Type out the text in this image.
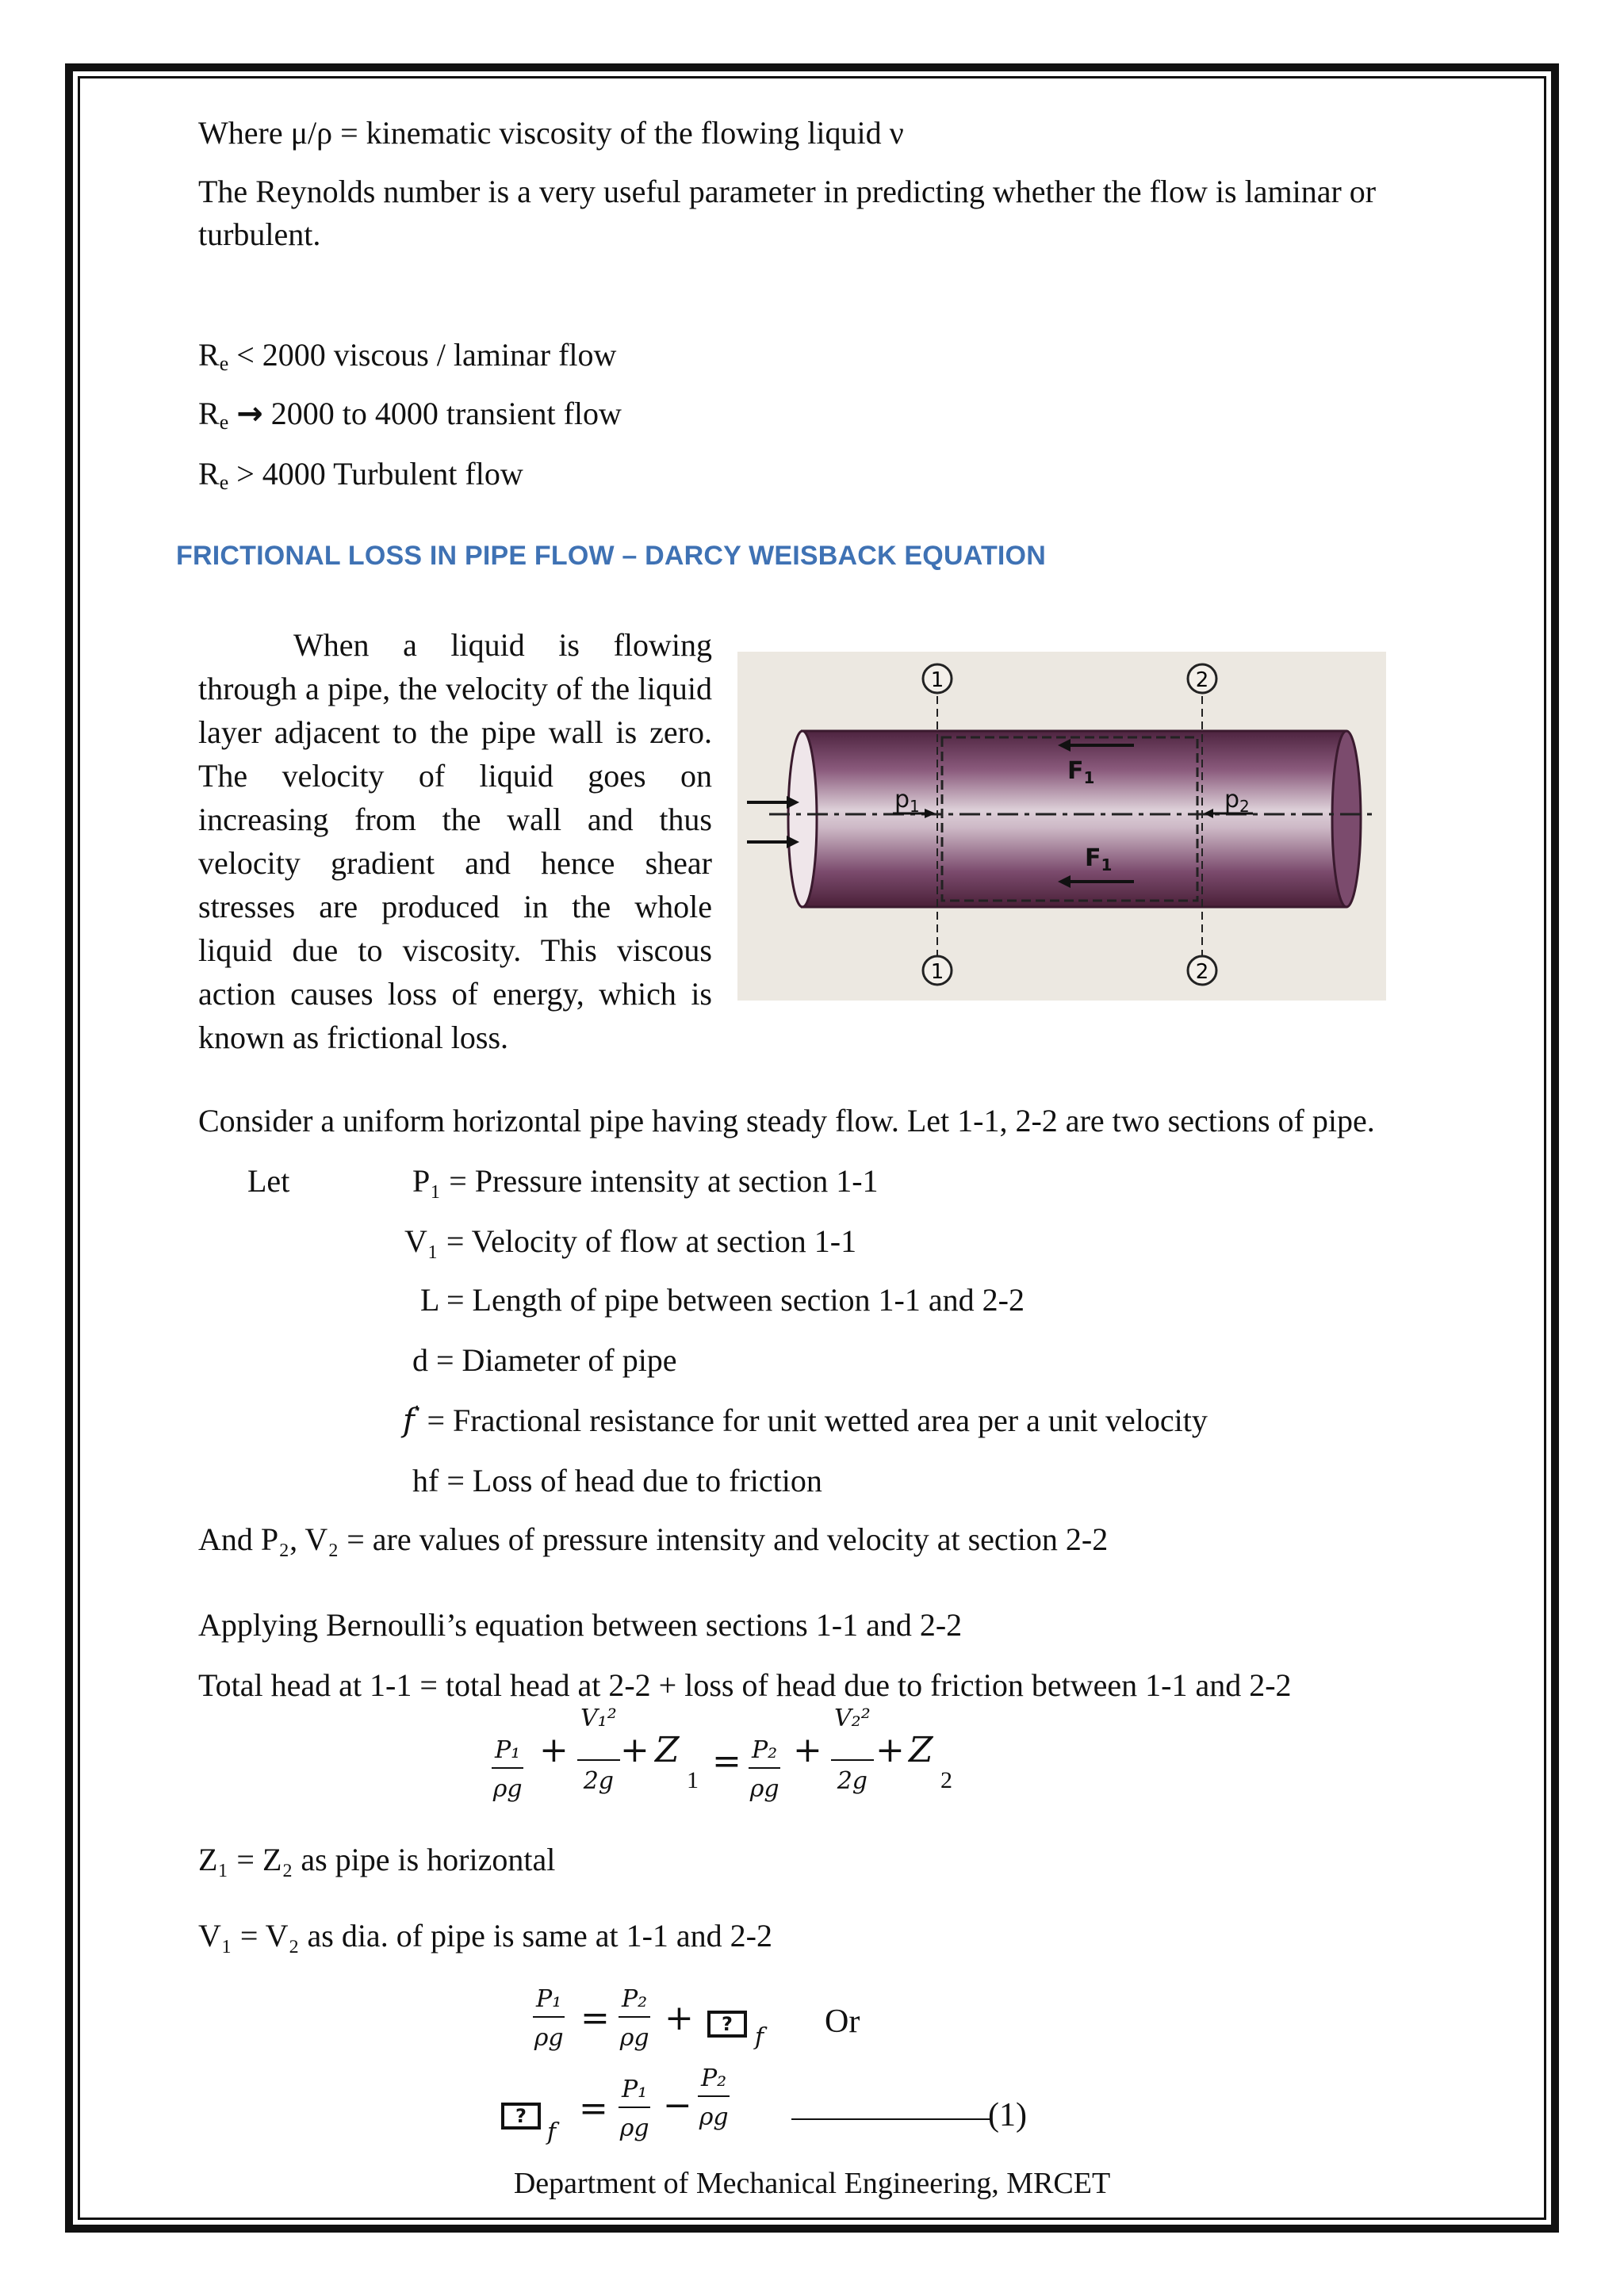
Where μ/ρ = kinematic viscosity of the flowing liquid ν
The Reynolds number is a very useful parameter in predicting whether the flow is laminar or
turbulent.
$R_e < 2000$ viscous / laminar flow
$R_e \to 2000$ to 4000 transient flow
$R_e > 4000$ Turbulent flow
FRICTIONAL LOSS IN PIPE FLOW – DARCY WEISBACK EQUATION
When a liquid is flowing through a pipe, the velocity of the liquid layer adjacent to the pipe wall is zero. The velocity of liquid goes on increasing from the wall and thus velocity gradient and hence shear stresses are produced in the whole liquid due to viscosity. This viscous action causes loss of energy, which is known as frictional loss.
1	2
1	2
$p_1$	$p_2$
$F_1$
$F_1$
Consider a uniform horizontal pipe having steady flow. Let 1-1, 2-2 are two sections of pipe.
Let	P₁ = Pressure intensity at section 1-1
V₁ = Velocity of flow at section 1-1
L = Length of pipe between section 1-1 and 2-2
d = Diameter of pipe
f′ = Fractional resistance for unit wetted area per a unit velocity
hf = Loss of head due to friction
And P₂, V₂ = are values of pressure intensity and velocity at section 2-2
Applying Bernoulli’s equation between sections 1-1 and 2-2
Total head at 1-1 = total head at 2-2 + loss of head due to friction between 1-1 and 2-2
$\frac{\text{P₁}}{\rho g} + \frac{\text{V₁²}}{2g} + Z$
$1 = \frac{\text{P₂}}{\rho g} + \frac{\text{V₂²}}{2g} + Z$
2
Z₁ = Z₂ as pipe is horizontal
V₁ = V₂ as dia. of pipe is same at 1-1 and 2-2
$\frac{\text{P₁}}{\rho g} = \frac{\text{P₂}}{\rho g}$ +	? f Or
?
f
= $\frac{\text{P₁}}{\rho g} - \frac{\text{P₂}}{\rho g}$	(1)
Department of Mechanical Engineering, MRCET
